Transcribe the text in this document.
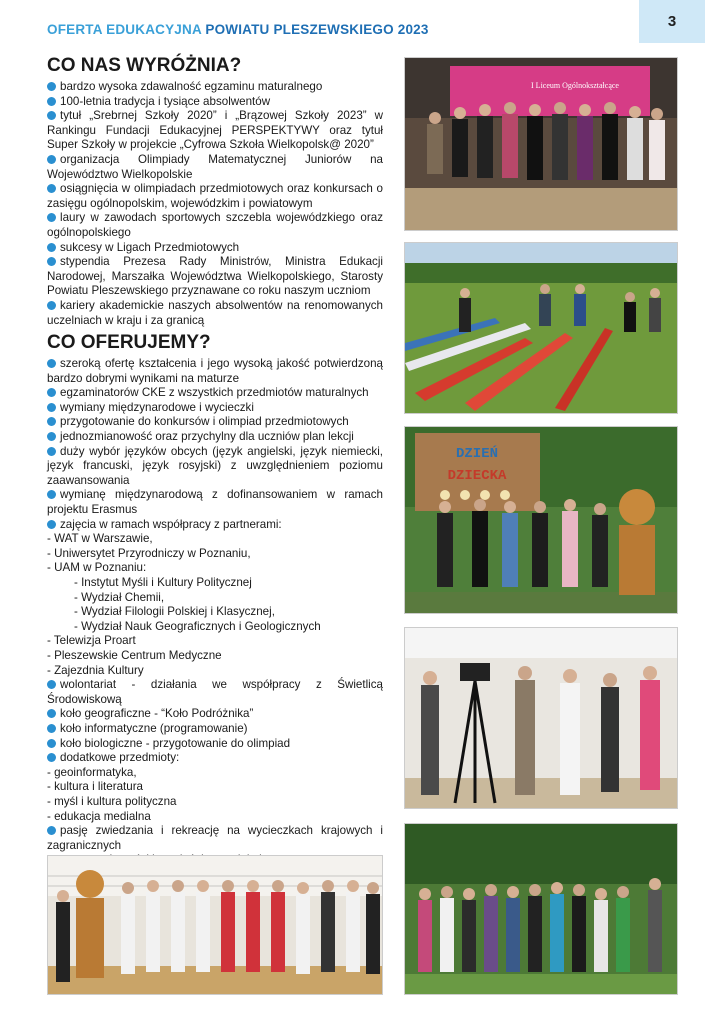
OFERTA EDUKACYJNA POWIATU PLESZEWSKIEGO 2023	3
CO NAS WYRÓŻNIA?

bardzo wysoka zdawalność egzaminu maturalnego

100-letnia tradycja i tysiące absolwentów

tytuł „Srebrnej Szkoły 2020” i „Brązowej Szkoły 2023” w Rankingu Fundacji Edukacyjnej PERSPEKTYWY oraz tytuł Super Szkoły w projekcie „Cyfrowa Szkoła Wielkopolsk@ 2020”

organizacja Olimpiady Matematycznej Juniorów na Województwo Wielkopolskie

osiągnięcia w olimpiadach przedmiotowych oraz konkursach o zasięgu ogólnopolskim, wojewódzkim i powiatowym

laury w zawodach sportowych szczebla wojewódzkiego oraz ogólnopolskiego

sukcesy w Ligach Przedmiotowych

stypendia Prezesa Rady Ministrów, Ministra Edukacji Narodowej, Marszałka Województwa Wielkopolskiego, Starosty Powiatu Pleszewskiego przyznawane co roku naszym uczniom

kariery akademickie naszych absolwentów na renomowanych uczelniach w kraju i za granicą

CO OFERUJEMY?

szeroką ofertę kształcenia i jego wysoką jakość potwierdzoną bardzo dobrymi wynikami na maturze

egzaminatorów CKE z wszystkich przedmiotów maturalnych

wymiany międzynarodowe i wycieczki

przygotowanie do konkursów i olimpiad przedmiotowych

jednozmianowość oraz przychylny dla uczniów plan lekcji

duży wybór języków obcych (język angielski, język niemiecki, język francuski, język rosyjski) z uwzględnieniem poziomu zaawansowania

wymianę międzynarodową z dofinansowaniem w ramach projektu Erasmus

zajęcia w ramach współpracy z partnerami:

- WAT w Warszawie,

- Uniwersytet Przyrodniczy w Poznaniu,

- UAM w Poznaniu:

- Instytut Myśli i Kultury Politycznej

- Wydział Chemii,

- Wydział Filologii Polskiej i Klasycznej,

- Wydział Nauk Geograficznych i Geologicznych

- Telewizja Proart

- Pleszewskie Centrum Medyczne

- Zajezdnia Kultury

wolontariat - działania we współpracy z Świetlicą Środowiskową

koło geograficzne - “Koło Podróżnika”

koło informatyczne (programowanie)

koło biologiczne - przygotowanie do olimpiad

dodatkowe przedmioty:

- geoinformatyka,

- kultura i literatura

- myśl i kultura polityczna

- edukacja medialna

pasję zwiedzania i rekreację na wycieczkach krajowych i zagranicznych

I Liceum Ogólnokształcące
DZIEŃ
DZIECKA
